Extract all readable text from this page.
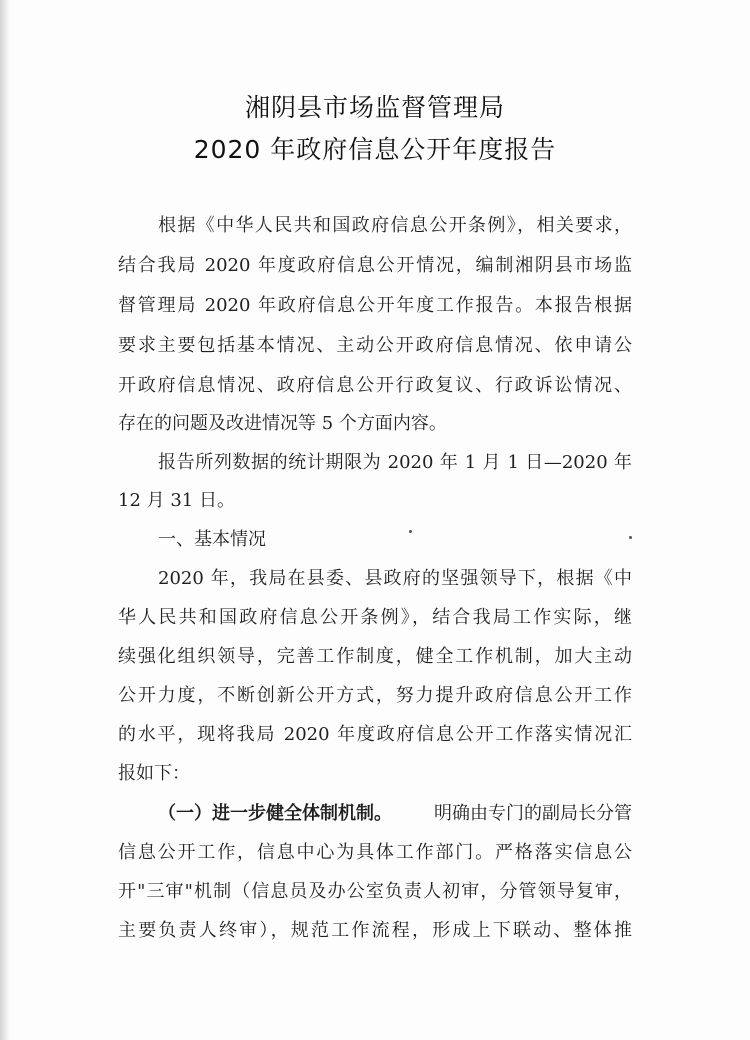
湘阴县市场监督管理局
2020 年政府信息公开年度报告
根据《中华人民共和国政府信息公开条例》，相关要求，
结合我局 2020 年度政府信息公开情况，编制湘阴县市场监
督管理局 2020 年政府信息公开年度工作报告。本报告根据
要求主要包括基本情况、主动公开政府信息情况、依申请公
开政府信息情况、政府信息公开行政复议、行政诉讼情况、
存在的问题及改进情况等 5 个方面内容。
报告所列数据的统计期限为 2020 年 1 月 1 日—2020 年
12 月 31 日。
一、基本情况
2020 年，我局在县委、县政府的坚强领导下，根据《中
华人民共和国政府信息公开条例》，结合我局工作实际，继
续强化组织领导，完善工作制度，健全工作机制，加大主动
公开力度，不断创新公开方式，努力提升政府信息公开工作
的水平，现将我局 2020 年度政府信息公开工作落实情况汇
报如下：
（一）进一步健全体制机制。 明确由专门的副局长分管
信息公开工作，信息中心为具体工作部门。严格落实信息公
开"三审"机制（信息员及办公室负责人初审，分管领导复审，
主要负责人终审），规范工作流程，形成上下联动、整体推
